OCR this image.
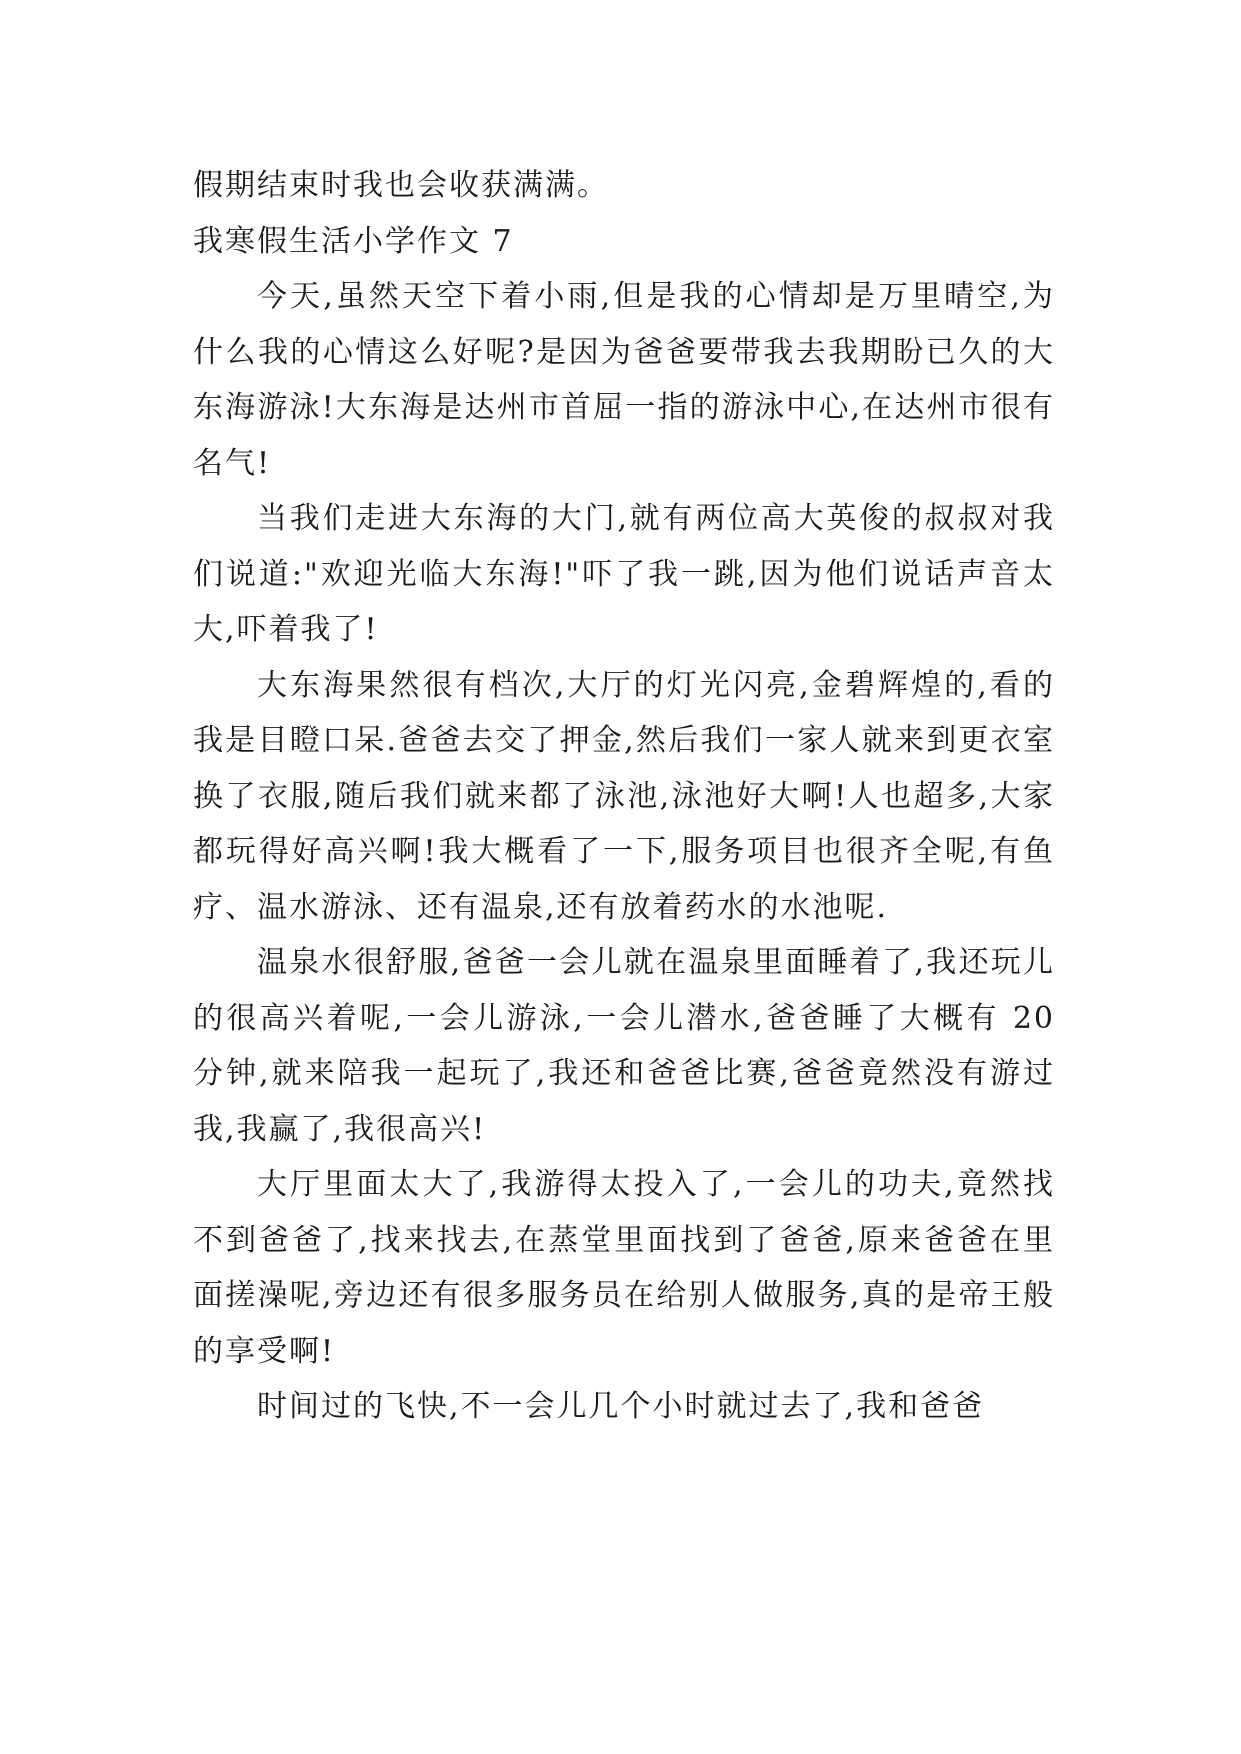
假期结束时我也会收获满满。

我寒假生活小学作文 7

今天,虽然天空下着小雨,但是我的心情却是万里晴空,为什么我的心情这么好呢?是因为爸爸要带我去我期盼已久的大东海游泳!大东海是达州市首屈一指的游泳中心,在达州市很有名气!

当我们走进大东海的大门,就有两位高大英俊的叔叔对我们说道:"欢迎光临大东海!"吓了我一跳,因为他们说话声音太大,吓着我了!

大东海果然很有档次,大厅的灯光闪亮,金碧辉煌的,看的我是目瞪口呆.爸爸去交了押金,然后我们一家人就来到更衣室换了衣服,随后我们就来都了泳池,泳池好大啊!人也超多,大家都玩得好高兴啊!我大概看了一下,服务项目也很齐全呢,有鱼疗、温水游泳、还有温泉,还有放着药水的水池呢.

温泉水很舒服,爸爸一会儿就在温泉里面睡着了,我还玩儿的很高兴着呢,一会儿游泳,一会儿潜水,爸爸睡了大概有 20 分钟,就来陪我一起玩了,我还和爸爸比赛,爸爸竟然没有游过我,我赢了,我很高兴!

大厅里面太大了,我游得太投入了,一会儿的功夫,竟然找不到爸爸了,找来找去,在蒸堂里面找到了爸爸,原来爸爸在里面搓澡呢,旁边还有很多服务员在给别人做服务,真的是帝王般的享受啊!

时间过的飞快,不一会儿几个小时就过去了,我和爸爸
